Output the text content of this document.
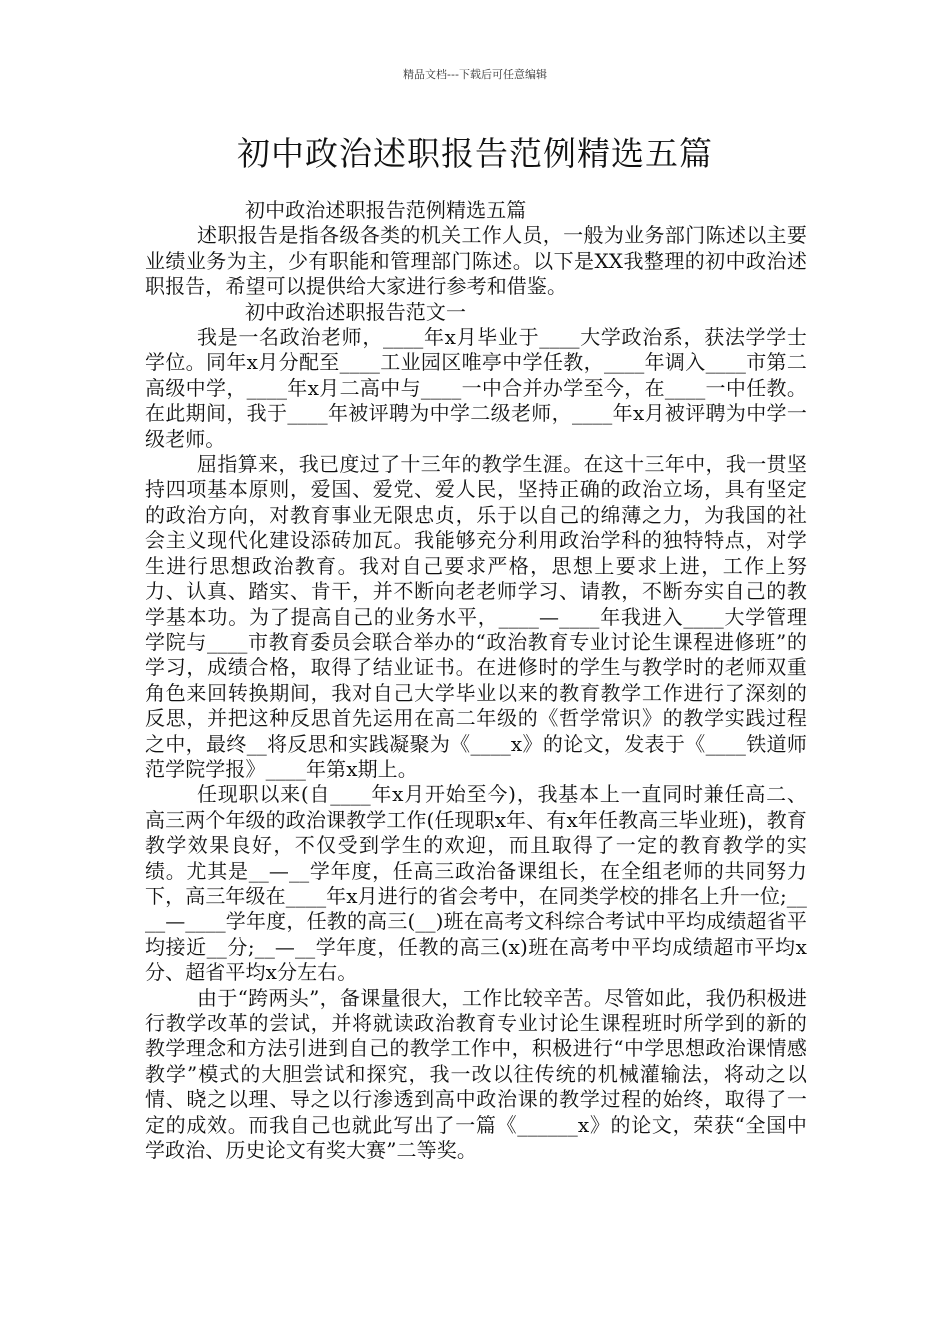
精品文档---下载后可任意编辑
初中政治述职报告范例精选五篇

初中政治述职报告范例精选五篇

述职报告是指各级各类的机关工作人员，一般为业务部门陈述以主要业绩业务为主，少有职能和管理部门陈述。以下是XX我整理的初中政治述职报告，希望可以提供给大家进行参考和借鉴。

初中政治述职报告范文一

我是一名政治老师，____年x月毕业于____大学政治系，获法学学士学位。同年x月分配至____工业园区唯亭中学任教，____年调入____市第二高级中学，____年x月二高中与____一中合并办学至今，在____一中任教。在此期间，我于____年被评聘为中学二级老师，____年x月被评聘为中学一级老师。

屈指算来，我已度过了十三年的教学生涯。在这十三年中，我一贯坚持四项基本原则，爱国、爱党、爱人民，坚持正确的政治立场，具有坚定的政治方向，对教育事业无限忠贞，乐于以自己的绵薄之力，为我国的社会主义现代化建设添砖加瓦。我能够充分利用政治学科的独特特点，对学生进行思想政治教育。我对自己要求严格，思想上要求上进，工作上努力、认真、踏实、肯干，并不断向老老师学习、请教，不断夯实自己的教学基本功。为了提高自己的业务水平，____—____年我进入____大学管理学院与____市教育委员会联合举办的“政治教育专业讨论生课程进修班”的学习，成绩合格，取得了结业证书。在进修时的学生与教学时的老师双重角色来回转换期间，我对自己大学毕业以来的教育教学工作进行了深刻的反思，并把这种反思首先运用在高二年级的《哲学常识》的教学实践过程之中，最终__将反思和实践凝聚为《____x》的论文，发表于《____铁道师范学院学报》____年第x期上。

任现职以来(自____年x月开始至今)，我基本上一直同时兼任高二、高三两个年级的政治课教学工作(任现职x年、有x年任教高三毕业班)，教育教学效果良好，不仅受到学生的欢迎，而且取得了一定的教育教学的实绩。尤其是__—__学年度，任高三政治备课组长，在全组老师的共同努力下，高三年级在____年x月进行的省会考中，在同类学校的排名上升一位;____—____学年度，任教的高三(__)班在高考文科综合考试中平均成绩超省平均接近__分;__—__学年度，任教的高三(x)班在高考中平均成绩超市平均x分、超省平均x分左右。

由于“跨两头”，备课量很大，工作比较辛苦。尽管如此，我仍积极进行教学改革的尝试，并将就读政治教育专业讨论生课程班时所学到的新的教学理念和方法引进到自己的教学工作中，积极进行“中学思想政治课情感教学”模式的大胆尝试和探究，我一改以往传统的机械灌输法，将动之以情、晓之以理、导之以行渗透到高中政治课的教学过程的始终，取得了一定的成效。而我自己也就此写出了一篇《______x》的论文，荣获“全国中学政治、历史论文有奖大赛”二等奖。
